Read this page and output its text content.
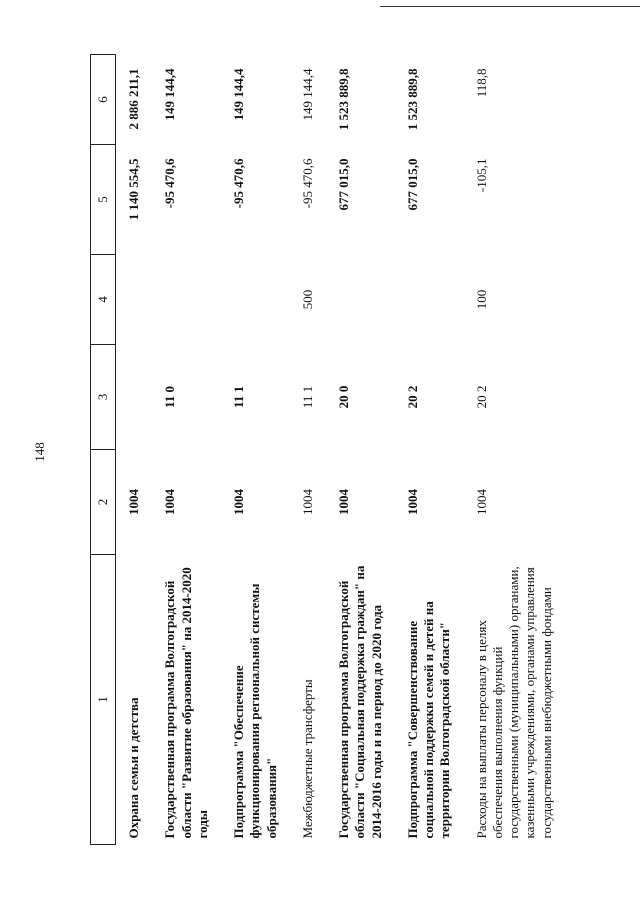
148
1	2	3	4	5	6
Охрана семьи и детства	1004			1 140 554,5	2 886 211,1
Государственная программа Волгоградской области "Развитие образования" на 2014-2020 годы	1004	11 0		-95 470,6	149 144,4
Подпрограмма "Обеспечение функционирования региональной системы образования"	1004	11 1		-95 470,6	149 144,4
Межбюджетные трансферты	1004	11 1	500	-95 470,6	149 144,4
Государственная программа Волгоградской области "Социальная поддержка граждан" на 2014-2016 годы и на период до 2020 года	1004	20 0		677 015,0	1 523 889,8
Подпрограмма "Совершенствование социальной поддержки семей и детей на территории Волгоградской области"	1004	20 2		677 015,0	1 523 889,8
Расходы на выплаты персоналу в целях обеспечения выполнения функций государственными (муниципальными) органами, казенными учреждениями, органами управления государственными внебюджетными фондами	1004	20 2	100	-105,1	118,8
